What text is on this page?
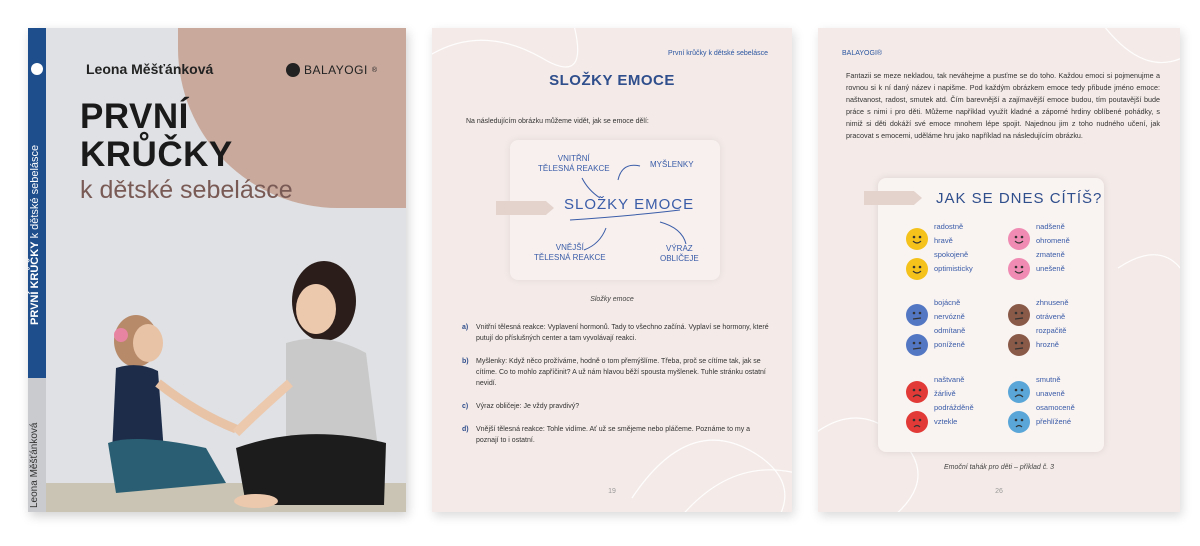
PRVNÍ KRŮČKY k dětské sebelásce
Leona Měšťánková
Leona Měšťánková	BALAYOGI ®
PRVNÍ
KRŮČKY
k dětské sebelásce
První krůčky k dětské sebelásce
SLOŽKY EMOCE
Na následujícím obrázku můžeme vidět, jak se emoce dělí:
VNITŘNÍ
TĚLESNÁ REAKCE	MYŠLENKY
SLOŽKY EMOCE
VNĚJŠÍ
TĚLESNÁ REAKCE
VÝRAZ
OBLIČEJE
Složky emoce
a)	Vnitřní tělesná reakce: Vyplavení hormonů. Tady to všechno začíná. Vyplaví se hormony, které putují do příslušných center a tam vyvolávají reakci.
b)	Myšlenky: Když něco prožíváme, hodně o tom přemýšlíme. Třeba, proč se cítíme tak, jak se cítíme. Co to mohlo zapříčinit? A už nám hlavou běží spousta myšlenek. Tuhle stránku ostatní nevidí.
c)	Výraz obličeje: Je vždy pravdivý?
d)	Vnější tělesná reakce: Tohle vidíme. Ať už se smějeme nebo pláčeme. Poznáme to my a poznají to i ostatní.
19
BALAYOGI®
Fantazii se meze nekladou, tak neváhejme a pusťme se do toho. Každou emoci si pojmenujme a rovnou si k ní daný název i napišme. Pod každým obrázkem emoce tedy přibude jméno emoce: naštvanost, radost, smutek atd. Čím barevnější a zajímavější emoce budou, tím poutavější bude práce s nimi i pro děti. Můžeme například využít kladné a záporné hrdiny oblíbené pohádky, s nimiž si děti dokáží své emoce mnohem lépe spojit. Najednou jim z toho nudného učení, jak pracovat s emocemi, uděláme hru jako například na následujícím obrázku.
JAK SE DNES CÍTÍŠ?
radostně	nadšeně
hravě	ohromeně
spokojeně	zmateně
optimisticky	unešeně
bojácně	zhnuseně
nervózně	otráveně
odmítaně	rozpačitě
poníženě	hrozně
naštvaně	smutně
žárlivě	unaveně
podrážděně	osamoceně
vztekle	přehlížené
Emoční tahák pro děti – příklad č. 3
26
